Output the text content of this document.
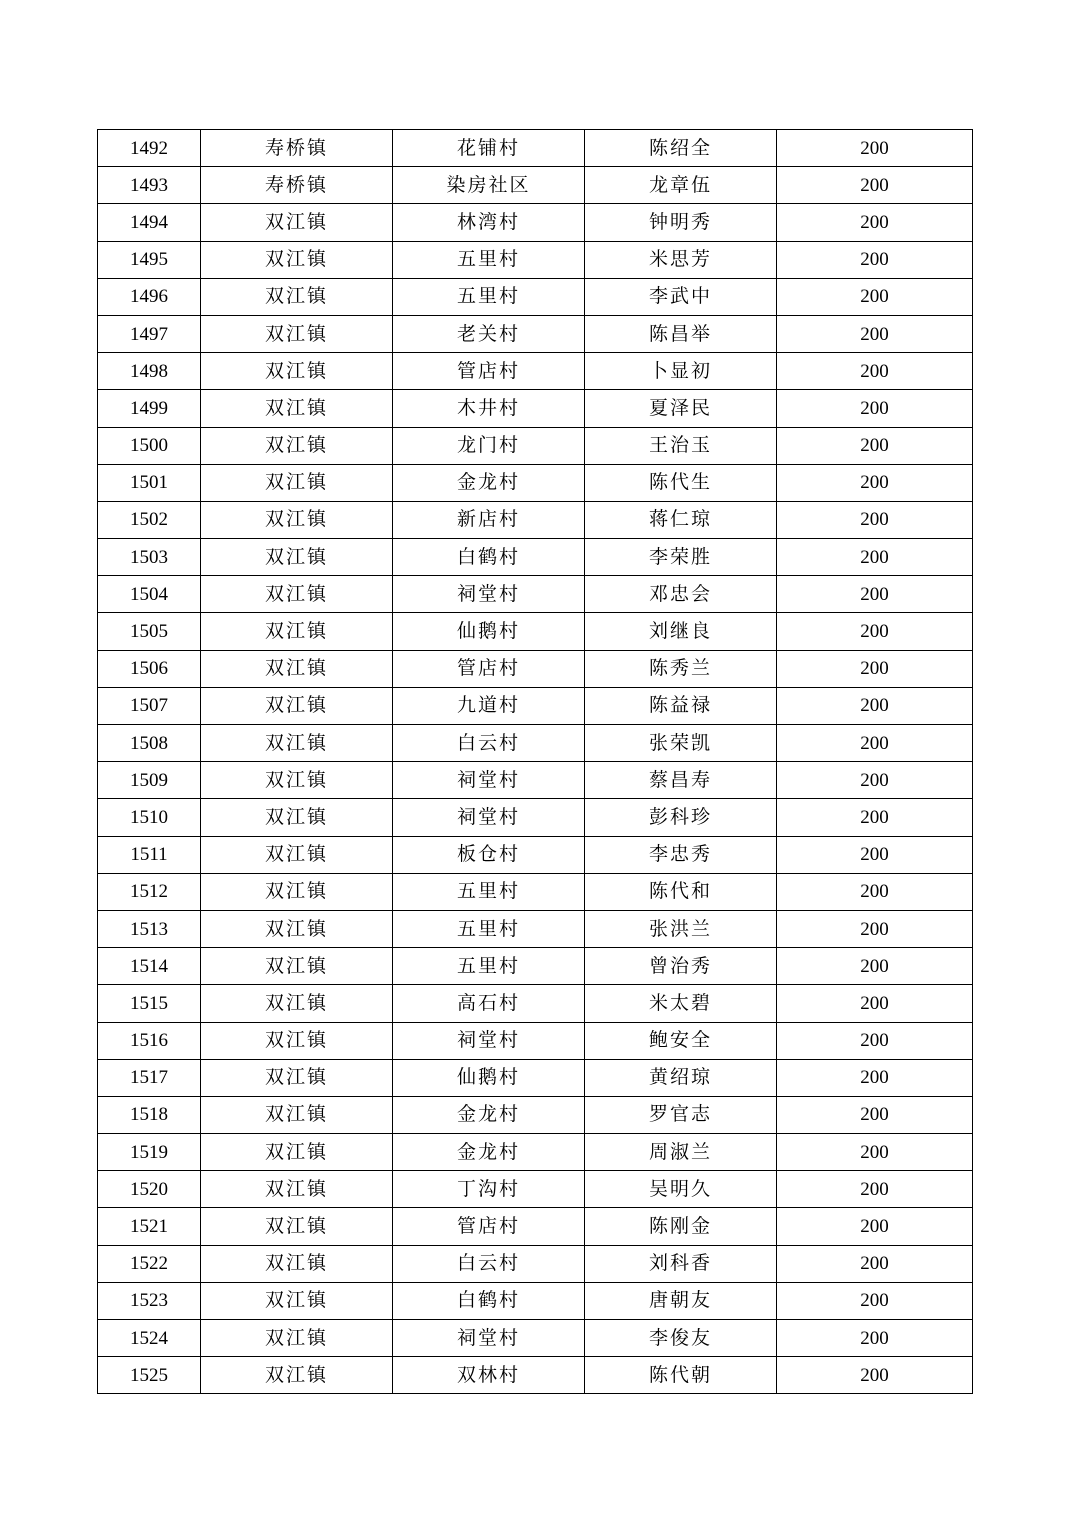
1492	寿桥镇	花铺村	陈绍全	200
1493	寿桥镇	染房社区	龙章伍	200
1494	双江镇	林湾村	钟明秀	200
1495	双江镇	五里村	米思芳	200
1496	双江镇	五里村	李武中	200
1497	双江镇	老关村	陈昌举	200
1498	双江镇	管店村	卜显初	200
1499	双江镇	木井村	夏泽民	200
1500	双江镇	龙门村	王治玉	200
1501	双江镇	金龙村	陈代生	200
1502	双江镇	新店村	蒋仁琼	200
1503	双江镇	白鹤村	李荣胜	200
1504	双江镇	祠堂村	邓忠会	200
1505	双江镇	仙鹅村	刘继良	200
1506	双江镇	管店村	陈秀兰	200
1507	双江镇	九道村	陈益禄	200
1508	双江镇	白云村	张荣凯	200
1509	双江镇	祠堂村	蔡昌寿	200
1510	双江镇	祠堂村	彭科珍	200
1511	双江镇	板仓村	李忠秀	200
1512	双江镇	五里村	陈代和	200
1513	双江镇	五里村	张洪兰	200
1514	双江镇	五里村	曾治秀	200
1515	双江镇	高石村	米太碧	200
1516	双江镇	祠堂村	鲍安全	200
1517	双江镇	仙鹅村	黄绍琼	200
1518	双江镇	金龙村	罗官志	200
1519	双江镇	金龙村	周淑兰	200
1520	双江镇	丁沟村	吴明久	200
1521	双江镇	管店村	陈刚金	200
1522	双江镇	白云村	刘科香	200
1523	双江镇	白鹤村	唐朝友	200
1524	双江镇	祠堂村	李俊友	200
1525	双江镇	双林村	陈代朝	200
